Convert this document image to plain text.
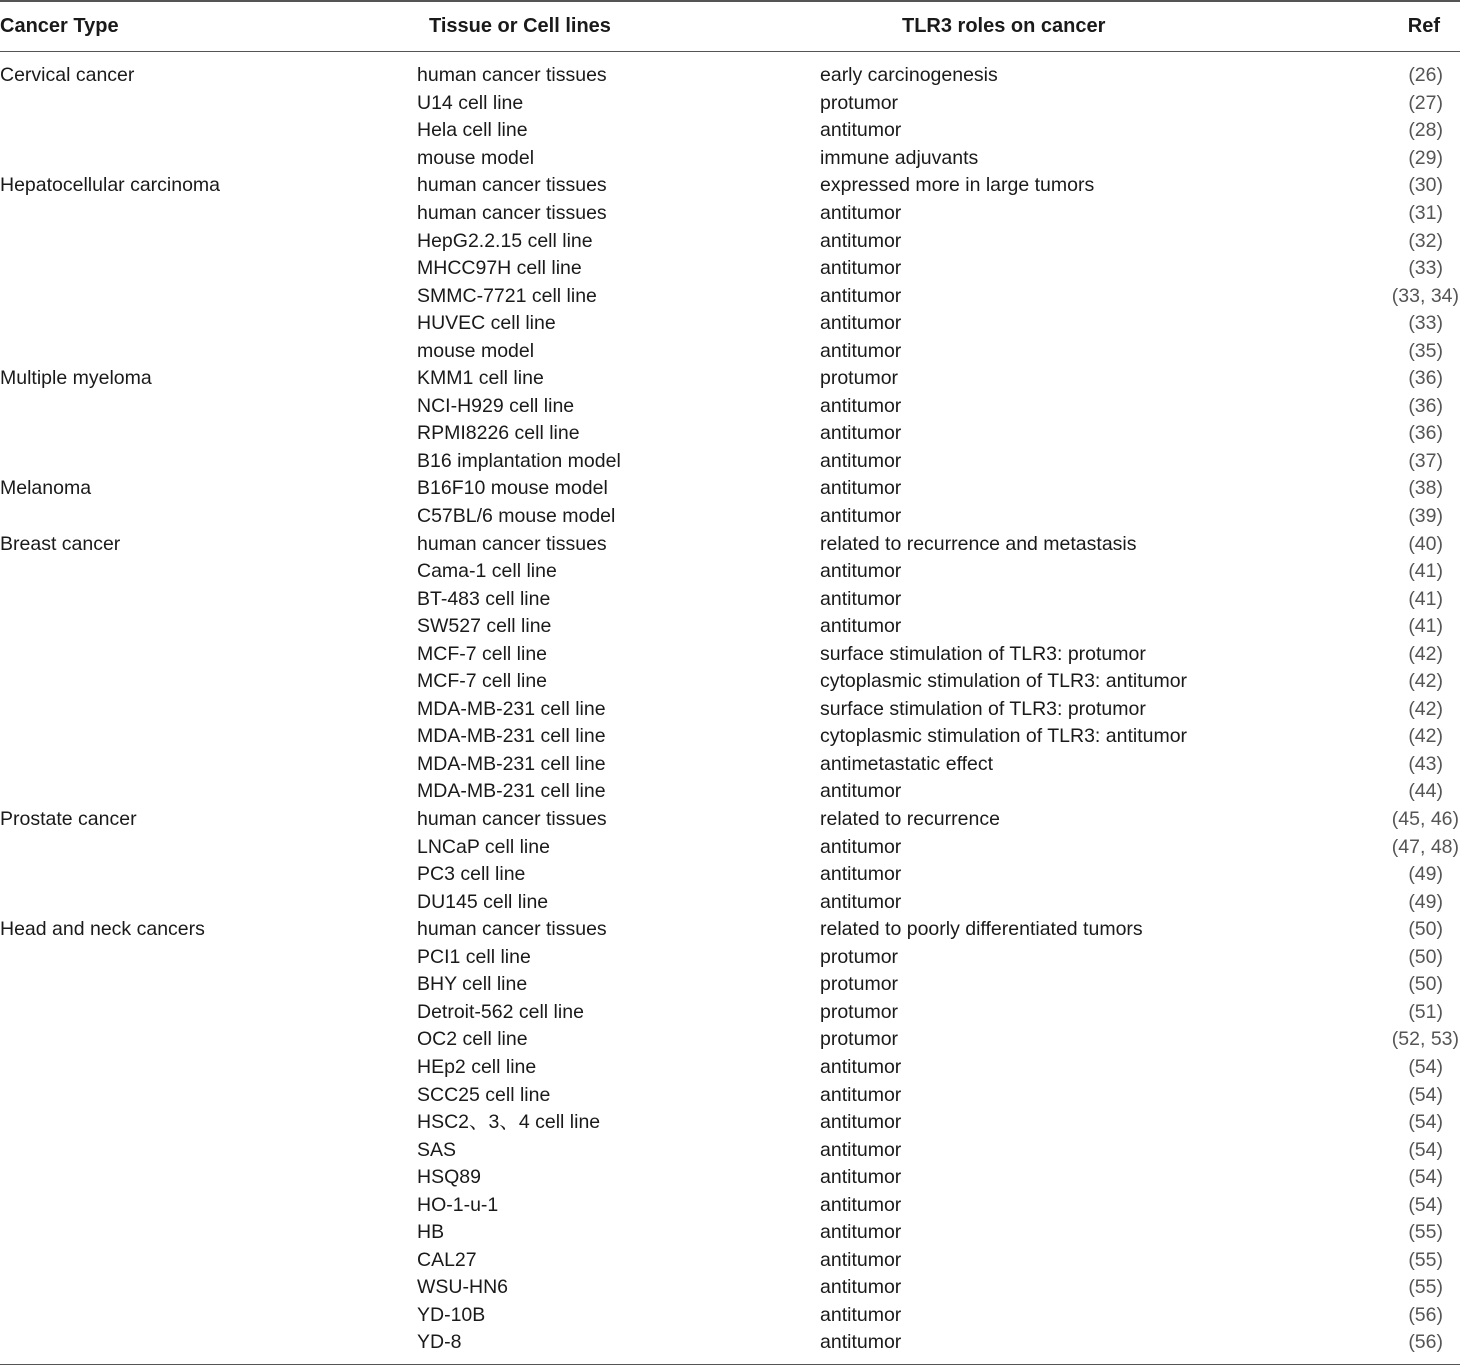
Cancer Type	Tissue or Cell lines	TLR3 roles on cancer	Ref
Cervical cancer	human cancer tissues	early carcinogenesis	(26)
	U14 cell line	protumor	(27)
	Hela cell line	antitumor	(28)
	mouse model	immune adjuvants	(29)
Hepatocellular carcinoma	human cancer tissues	expressed more in large tumors	(30)
	human cancer tissues	antitumor	(31)
	HepG2.2.15 cell line	antitumor	(32)
	MHCC97H cell line	antitumor	(33)
	SMMC-7721 cell line	antitumor	(33, 34)
	HUVEC cell line	antitumor	(33)
	mouse model	antitumor	(35)
Multiple myeloma	KMM1 cell line	protumor	(36)
	NCI-H929 cell line	antitumor	(36)
	RPMI8226 cell line	antitumor	(36)
	B16 implantation model	antitumor	(37)
Melanoma	B16F10 mouse model	antitumor	(38)
	C57BL/6 mouse model	antitumor	(39)
Breast cancer	human cancer tissues	related to recurrence and metastasis	(40)
	Cama-1 cell line	antitumor	(41)
	BT-483 cell line	antitumor	(41)
	SW527 cell line	antitumor	(41)
	MCF-7 cell line	surface stimulation of TLR3: protumor	(42)
	MCF-7 cell line	cytoplasmic stimulation of TLR3: antitumor	(42)
	MDA-MB-231 cell line	surface stimulation of TLR3: protumor	(42)
	MDA-MB-231 cell line	cytoplasmic stimulation of TLR3: antitumor	(42)
	MDA-MB-231 cell line	antimetastatic effect	(43)
	MDA-MB-231 cell line	antitumor	(44)
Prostate cancer	human cancer tissues	related to recurrence	(45, 46)
	LNCaP cell line	antitumor	(47, 48)
	PC3 cell line	antitumor	(49)
	DU145 cell line	antitumor	(49)
Head and neck cancers	human cancer tissues	related to poorly differentiated tumors	(50)
	PCI1 cell line	protumor	(50)
	BHY cell line	protumor	(50)
	Detroit-562 cell line	protumor	(51)
	OC2 cell line	protumor	(52, 53)
	HEp2 cell line	antitumor	(54)
	SCC25 cell line	antitumor	(54)
	HSC2、3、4 cell line	antitumor	(54)
	SAS	antitumor	(54)
	HSQ89	antitumor	(54)
	HO-1-u-1	antitumor	(54)
	HB	antitumor	(55)
	CAL27	antitumor	(55)
	WSU-HN6	antitumor	(55)
	YD-10B	antitumor	(56)
	YD-8	antitumor	(56)
